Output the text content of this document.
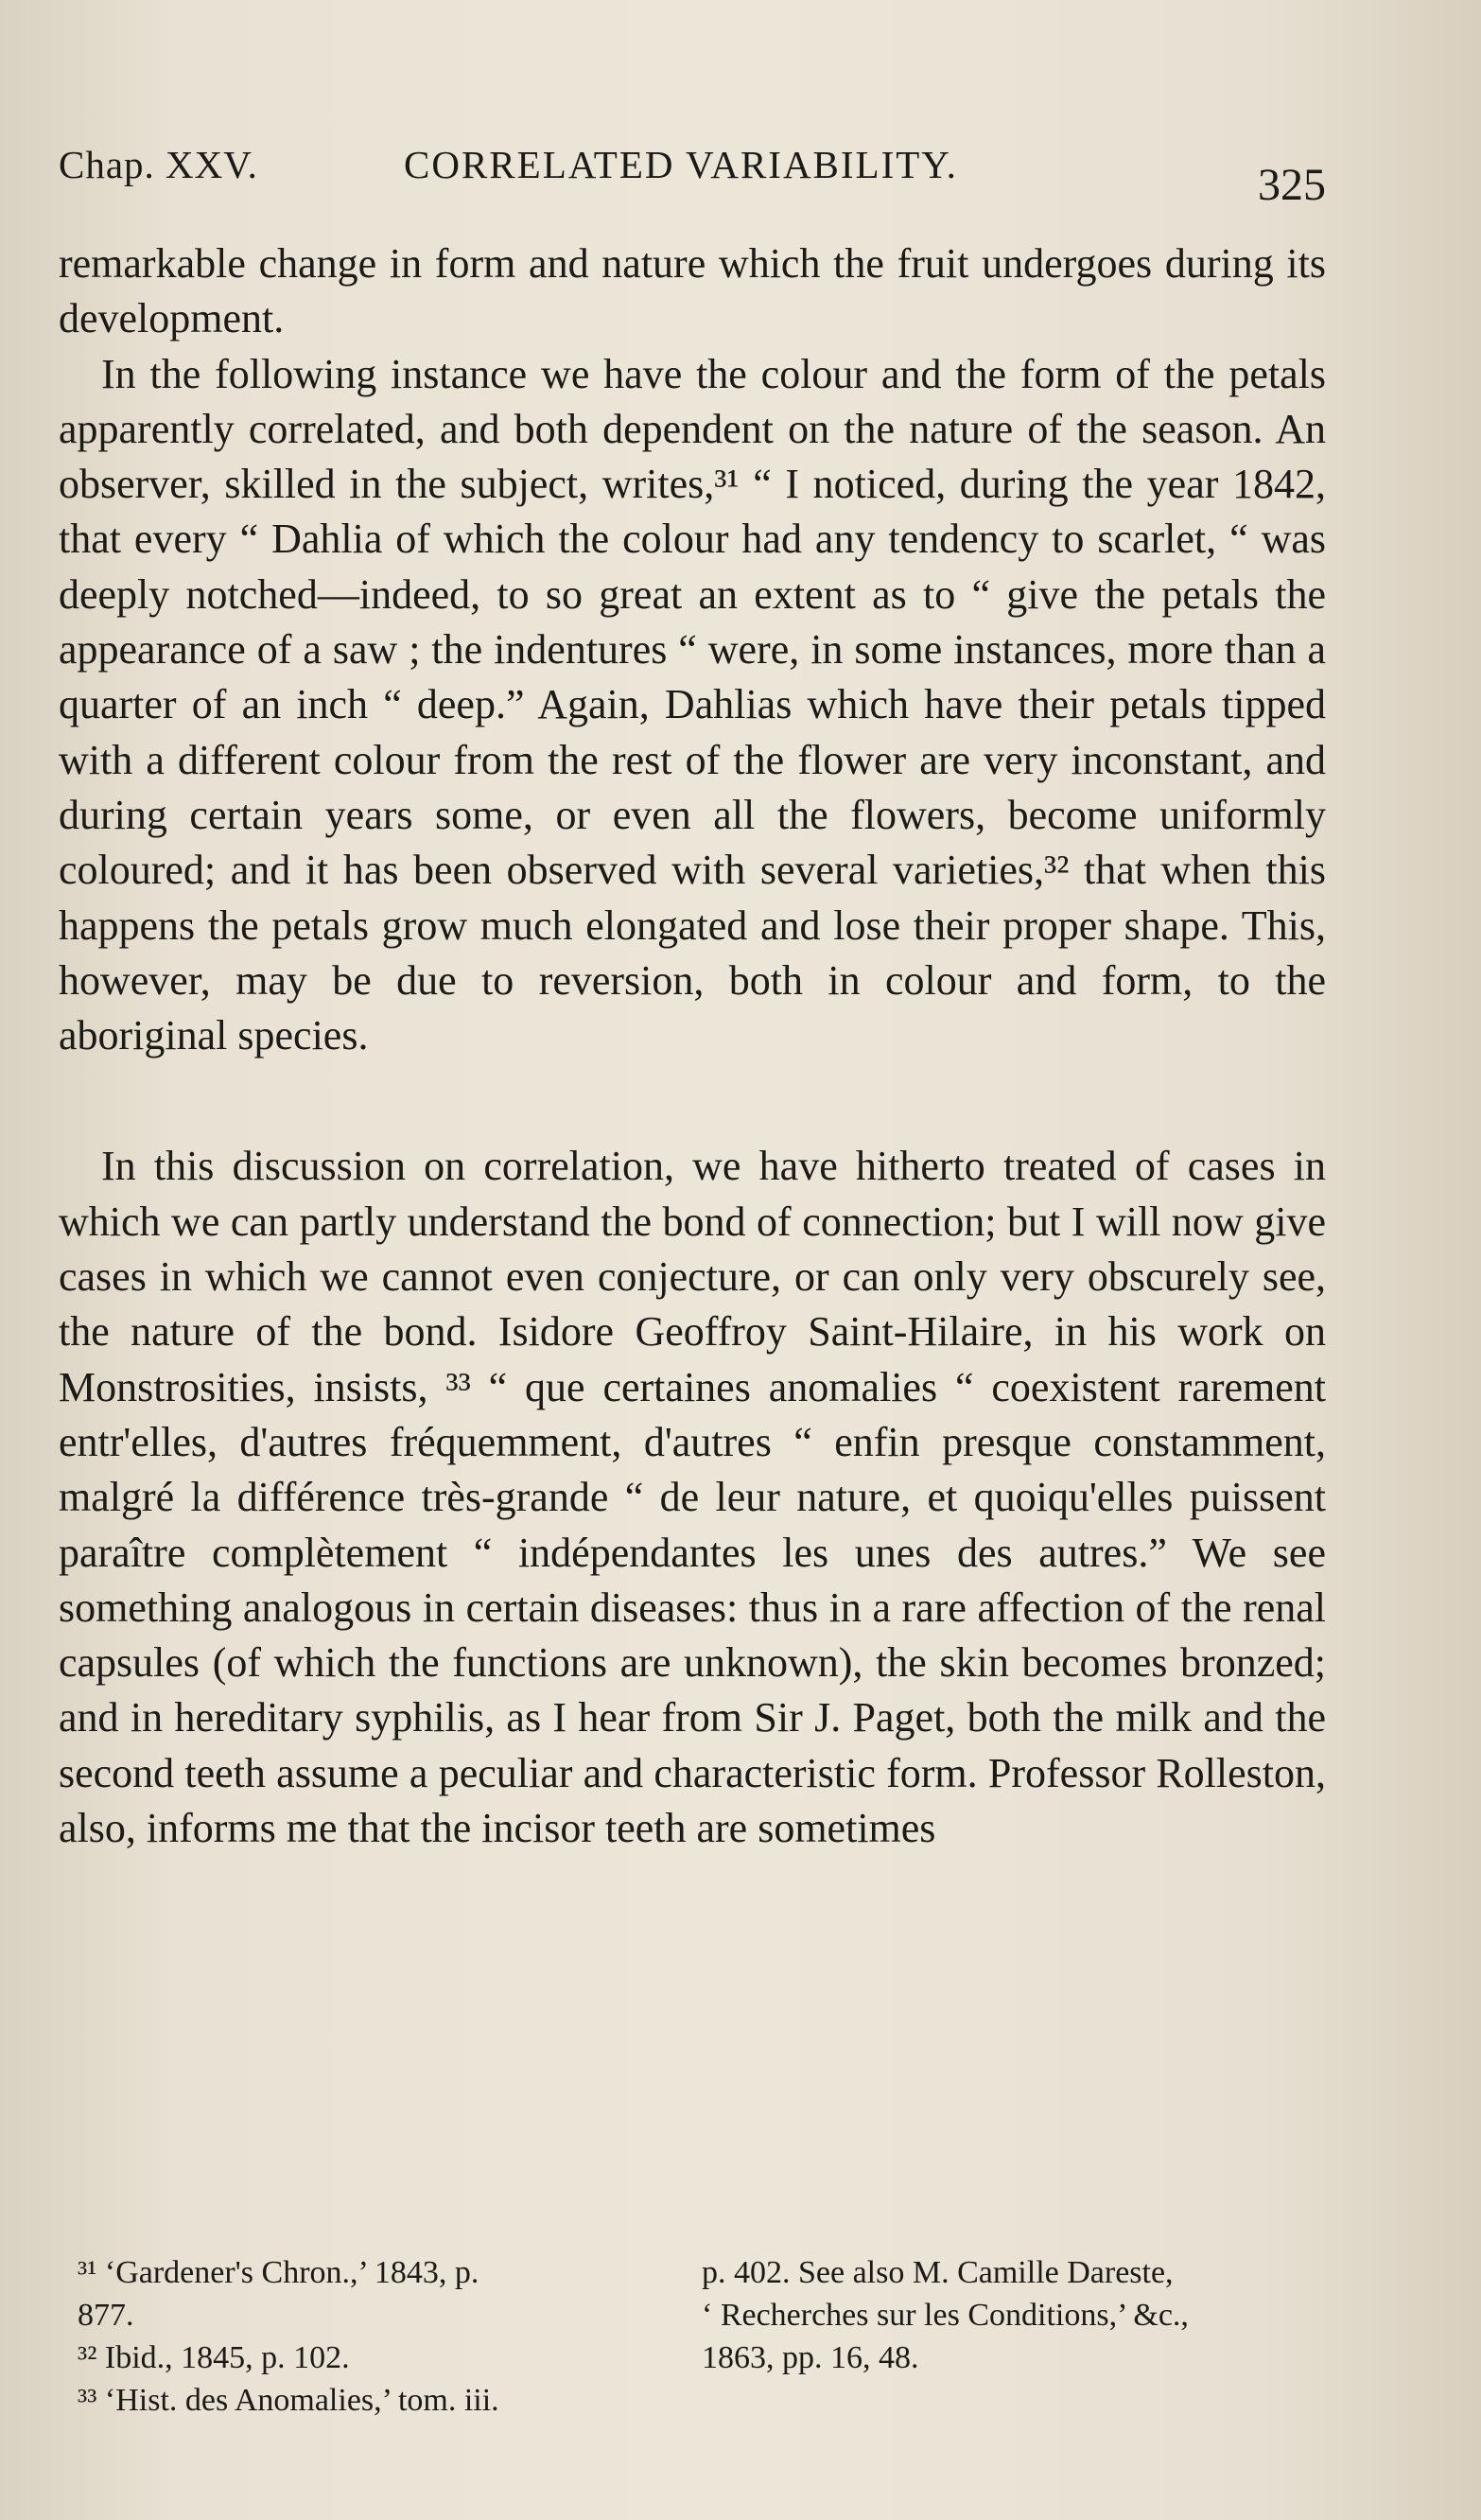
Chap. XXV.	CORRELATED VARIABILITY.	325

remarkable change in form and nature which the fruit undergoes during its development.

In the following instance we have the colour and the form of the petals apparently correlated, and both dependent on the nature of the season. An observer, skilled in the subject, writes,³¹ “ I noticed, during the year 1842, that every “ Dahlia of which the colour had any tendency to scarlet, “ was deeply notched—indeed, to so great an extent as to “ give the petals the appearance of a saw ; the indentures “ were, in some instances, more than a quarter of an inch “ deep.” Again, Dahlias which have their petals tipped with a different colour from the rest of the flower are very inconstant, and during certain years some, or even all the flowers, become uniformly coloured; and it has been observed with several varieties,³² that when this happens the petals grow much elongated and lose their proper shape. This, however, may be due to reversion, both in colour and form, to the aboriginal species.

In this discussion on correlation, we have hitherto treated of cases in which we can partly understand the bond of connection; but I will now give cases in which we cannot even conjecture, or can only very obscurely see, the nature of the bond. Isidore Geoffroy Saint-Hilaire, in his work on Monstrosities, insists, ³³ “ que certaines anomalies “ coexistent rarement entr'elles, d'autres fréquemment, d'autres “ enfin presque constamment, malgré la différence très-grande “ de leur nature, et quoiqu'elles puissent paraître complètement “ indépendantes les unes des autres.” We see something analogous in certain diseases: thus in a rare affection of the renal capsules (of which the functions are unknown), the skin becomes bronzed; and in hereditary syphilis, as I hear from Sir J. Paget, both the milk and the second teeth assume a peculiar and characteristic form. Professor Rolleston, also, informs me that the incisor teeth are sometimes

³¹ ‘Gardener's Chron.,’ 1843, p.
877.
³² Ibid., 1845, p. 102.
³³ ‘Hist. des Anomalies,’ tom. iii.
p. 402. See also M. Camille Dareste,
‘ Recherches sur les Conditions,’ &c.,
1863, pp. 16, 48.
